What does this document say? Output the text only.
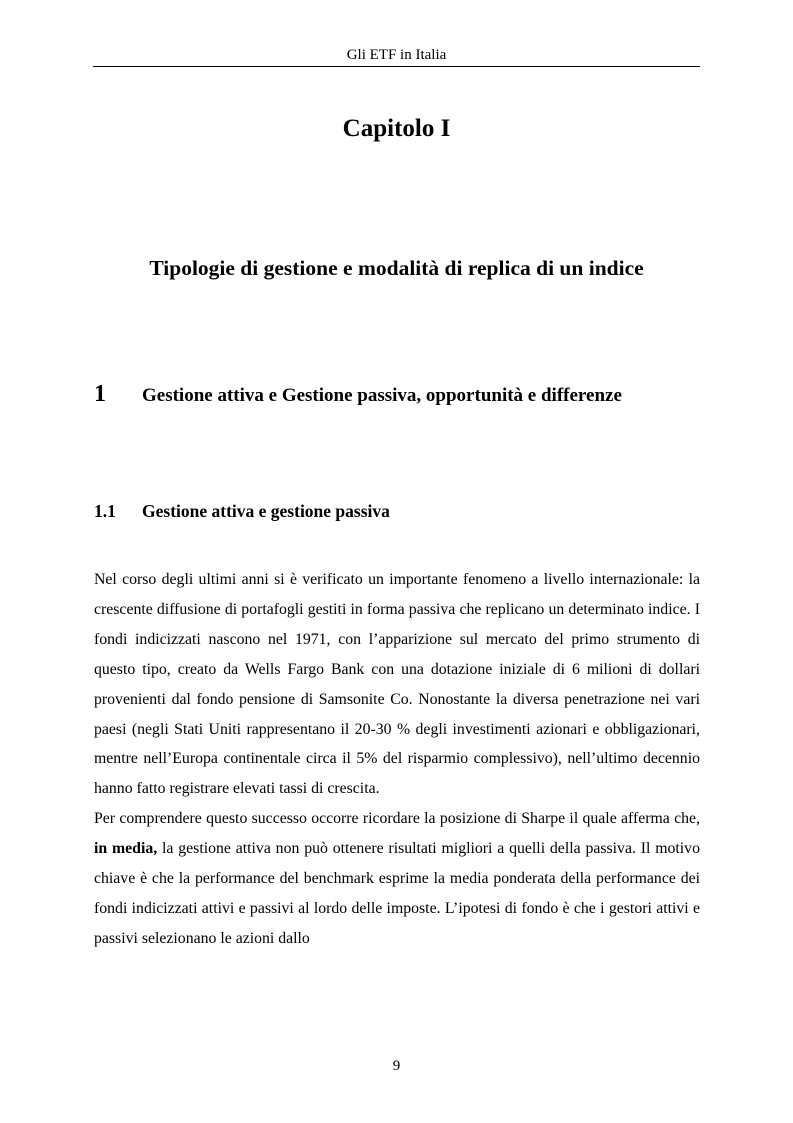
Gli ETF in Italia
Capitolo I
Tipologie di gestione e modalità di replica di un indice
1 Gestione attiva e Gestione passiva, opportunità e differenze
1.1 Gestione attiva e gestione passiva

Nel corso degli ultimi anni si è verificato un importante fenomeno a livello internazionale: la crescente diffusione di portafogli gestiti in forma passiva che replicano un determinato indice. I fondi indicizzati nascono nel 1971, con l’apparizione sul mercato del primo strumento di questo tipo, creato da Wells Fargo Bank con una dotazione iniziale di 6 milioni di dollari provenienti dal fondo pensione di Samsonite Co. Nonostante la diversa penetrazione nei vari paesi (negli Stati Uniti rappresentano il 20-30 % degli investimenti azionari e obbligazionari, mentre nell’Europa continentale circa il 5% del risparmio complessivo), nell’ultimo decennio hanno fatto registrare elevati tassi di crescita.

Per comprendere questo successo occorre ricordare la posizione di Sharpe il quale afferma che, in media, la gestione attiva non può ottenere risultati migliori a quelli della passiva. Il motivo chiave è che la performance del benchmark esprime la media ponderata della performance dei fondi indicizzati attivi e passivi al lordo delle imposte. L’ipotesi di fondo è che i gestori attivi e passivi selezionano le azioni dallo

9
